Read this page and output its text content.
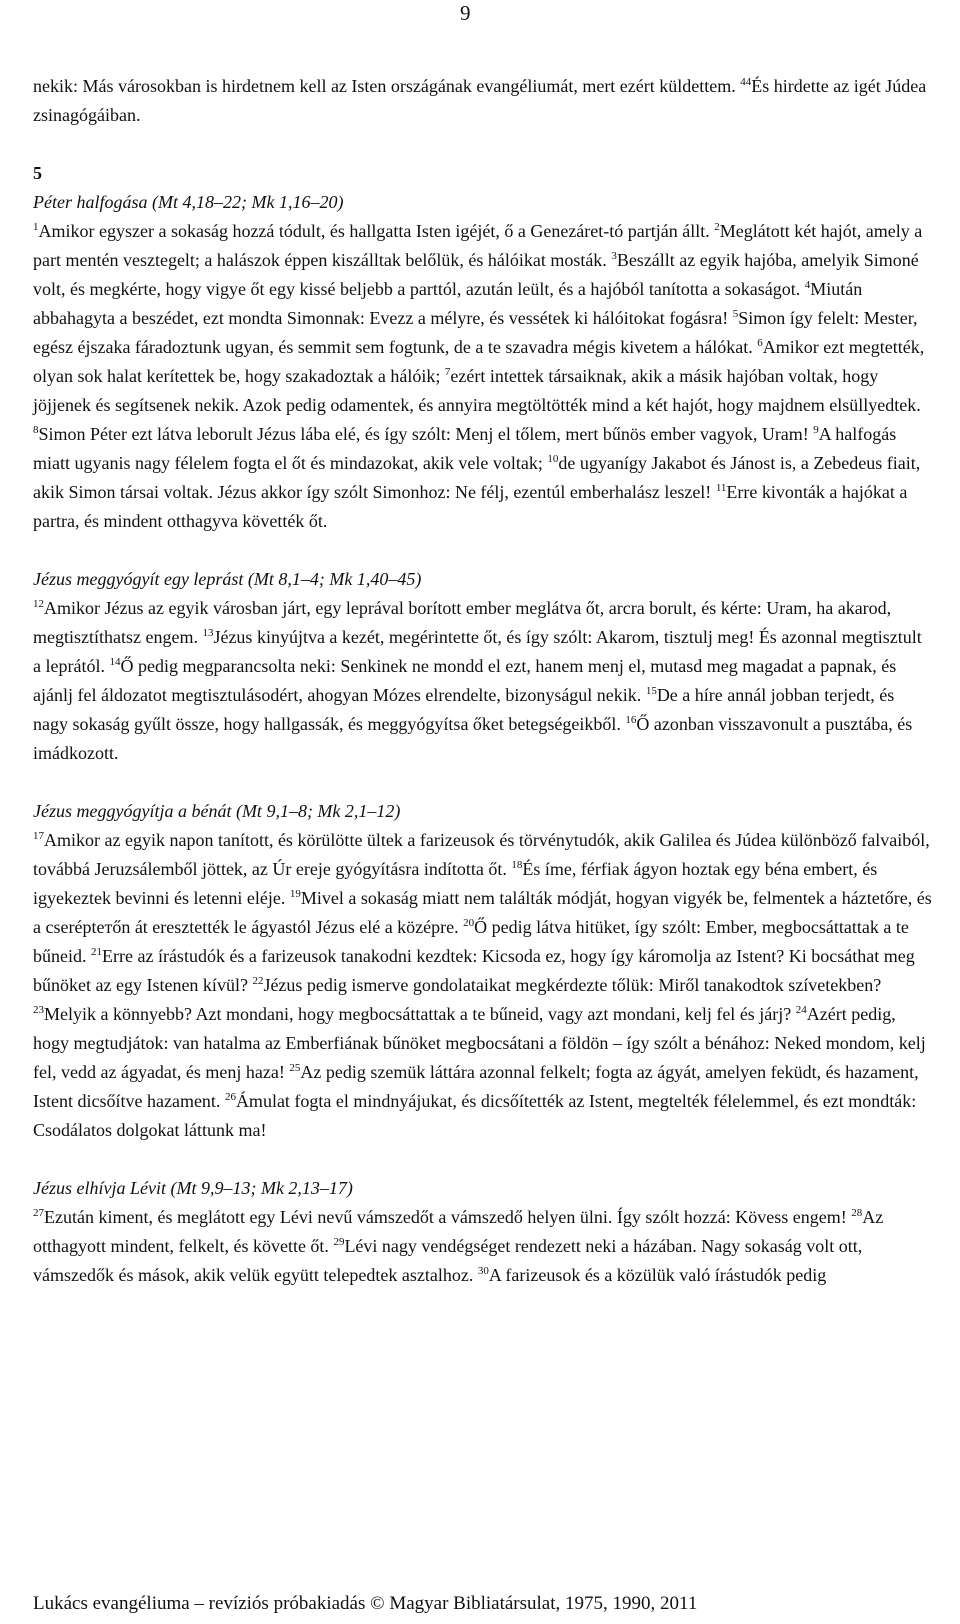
9

nekik: Más városokban is hirdetnem kell az Isten országának evangéliumát, mert ezért küldettem. $^{44}$És hirdette az igét Júdea zsinagógáiban.

5

Péter halfogása (Mt 4,18–22; Mk 1,16–20)

$^1$Amikor egyszer a sokaság hozzá tódult, és hallgatta Isten igéjét, ő a Genezáret-tó partján állt. $^2$Meglátott két hajót, amely a part mentén vesztegelt; a halászok éppen kiszálltak belőlük, és hálóikat mosták. $^3$Beszállt az egyik hajóba, amelyik Simoné volt, és megkérte, hogy vigye őt egy kissé beljebb a parttól, azután leült, és a hajóból tanította a sokaságot. $^4$Miután abbahagyta a beszédet, ezt mondta Simonnak: Evezz a mélyre, és vessétek ki hálóitokat fogásra! $^5$Simon így felelt: Mester, egész éjszaka fáradoztunk ugyan, és semmit sem fogtunk, de a te szavadra mégis kivetem a hálókat. $^6$Amikor ezt megtették, olyan sok halat kerítettek be, hogy szakadoztak a hálóik; $^7$ezért intettek társaiknak, akik a másik hajóban voltak, hogy jöjjenek és segítsenek nekik. Azok pedig odamentek, és annyira megtöltötték mind a két hajót, hogy majdnem elsüllyedtek. $^8$Simon Péter ezt látva leborult Jézus lába elé, és így szólt: Menj el tőlem, mert bűnös ember vagyok, Uram! $^9$A halfogás miatt ugyanis nagy félelem fogta el őt és mindazokat, akik vele voltak; $^{10}$de ugyanígy Jakabot és Jánost is, a Zebedeus fiait, akik Simon társai voltak. Jézus akkor így szólt Simonhoz: Ne félj, ezentúl emberhalász leszel! $^{11}$Erre kivonták a hajókat a partra, és mindent otthagyva követték őt.

Jézus meggyógyít egy leprást (Mt 8,1–4; Mk 1,40–45)

$^{12}$Amikor Jézus az egyik városban járt, egy leprával borított ember meglátva őt, arcra borult, és kérte: Uram, ha akarod, megtisztíthatsz engem. $^{13}$Jézus kinyújtva a kezét, megérintette őt, és így szólt: Akarom, tisztulj meg! És azonnal megtisztult a leprától. $^{14}$Ő pedig megparancsolta neki: Senkinek ne mondd el ezt, hanem menj el, mutasd meg magadat a papnak, és ajánlj fel áldozatot megtisztulásodért, ahogyan Mózes elrendelte, bizonyságul nekik. $^{15}$De a híre annál jobban terjedt, és nagy sokaság gyűlt össze, hogy hallgassák, és meggyógyítsa őket betegségeikből. $^{16}$Ő azonban visszavonult a pusztába, és imádkozott.

Jézus meggyógyítja a bénát (Mt 9,1–8; Mk 2,1–12)

$^{17}$Amikor az egyik napon tanított, és körülötte ültek a farizeusok és törvénytudók, akik Galilea és Júdea különböző falvaiból, továbbá Jeruzsálemből jöttek, az Úr ereje gyógyításra indította őt. $^{18}$És íme, férfiak ágyon hoztak egy béna embert, és igyekeztek bevinni és letenni eléje. $^{19}$Mivel a sokaság miatt nem találták módját, hogyan vigyék be, felmentek a háztetőre, és a cserépteтőn át eresztették le ágyastól Jézus elé a középre. $^{20}$Ő pedig látva hitüket, így szólt: Ember, megbocsáttattak a te bűneid. $^{21}$Erre az írástudók és a farizeusok tanakodni kezdtek: Kicsoda ez, hogy így káromolja az Istent? Ki bocsáthat meg bűnöket az egy Istenen kívül? $^{22}$Jézus pedig ismerve gondolataikat megkérdezte tőlük: Miről tanakodtok szívetekben? $^{23}$Melyik a könnyebb? Azt mondani, hogy megbocsáttattak a te bűneid, vagy azt mondani, kelj fel és járj? $^{24}$Azért pedig, hogy megtudjátok: van hatalma az Emberfiának bűnöket megbocsátani a földön – így szólt a bénához: Neked mondom, kelj fel, vedd az ágyadat, és menj haza! $^{25}$Az pedig szemük láttára azonnal felkelt; fogta az ágyát, amelyen feküdt, és hazament, Istent dicsőítve hazament. $^{26}$Ámulat fogta el mindnyájukat, és dicsőítették az Istent, megtelték félelemmel, és ezt mondták: Csodálatos dolgokat láttunk ma!

Jézus elhívja Lévit (Mt 9,9–13; Mk 2,13–17)

$^{27}$Ezután kiment, és meglátott egy Lévi nevű vámszedőt a vámszedő helyen ülni. Így szólt hozzá: Kövess engem! $^{28}$Az otthagyott mindent, felkelt, és követte őt. $^{29}$Lévi nagy vendégséget rendezett neki a házában. Nagy sokaság volt ott, vámszedők és mások, akik velük együtt telepedtek asztalhoz. $^{30}$A farizeusok és a közülük való írástudók pedig

Lukács evangéliuma – revíziós próbakiadás © Magyar Bibliatársulat, 1975, 1990, 2011
